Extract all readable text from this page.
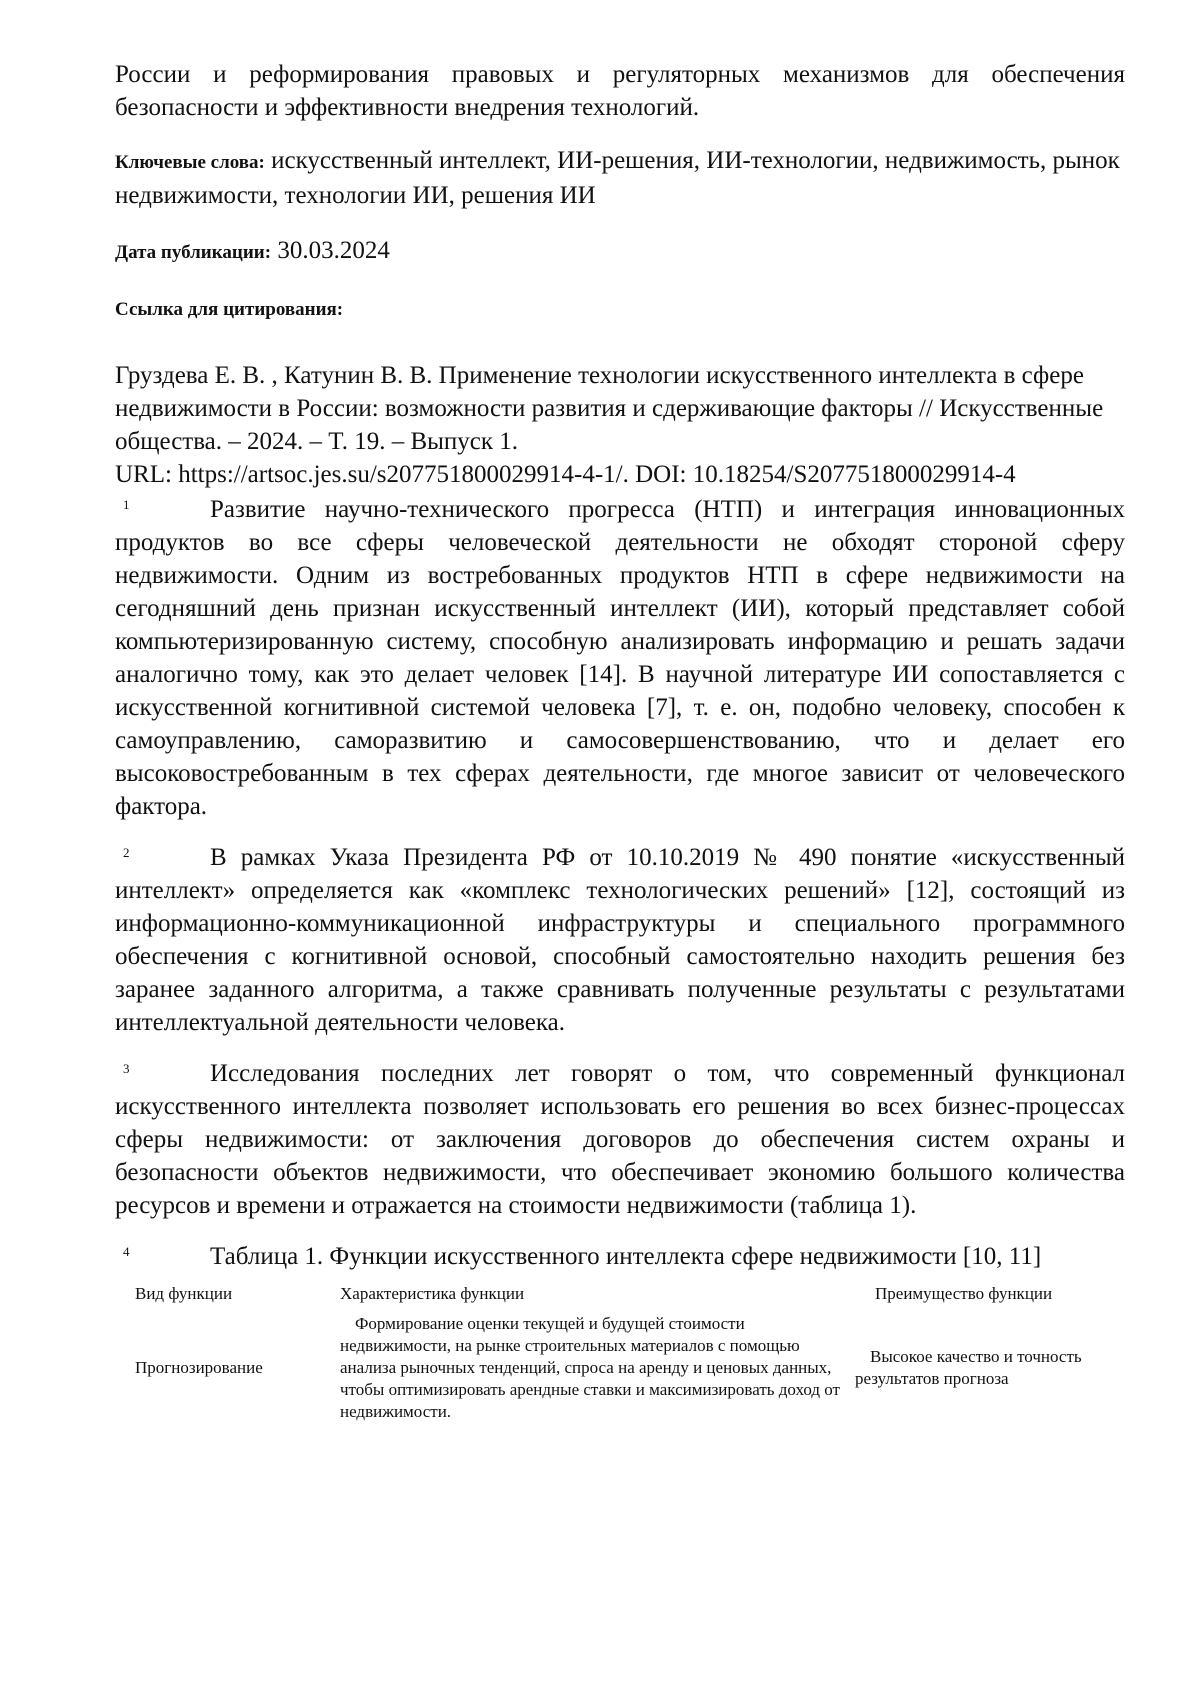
России и реформирования правовых и регуляторных механизмов для обеспечения безопасности и эффективности внедрения технологий.

Ключевые слова: искусственный интеллект, ИИ-решения, ИИ-технологии, недвижимость, рынок недвижимости, технологии ИИ, решения ИИ

Дата публикации: 30.03.2024

Ссылка для цитирования:

Груздева Е. В. , Катунин В. В. Применение технологии искусственного интеллекта в сфере недвижимости в России: возможности развития и сдерживающие факторы // Искусственные общества. – 2024. – T. 19. – Выпуск 1.
URL: https://artsoc.jes.su/s207751800029914-4-1/. DOI: 10.18254/S207751800029914-4
1	Развитие научно-технического прогресса (НТП) и интеграция инновационных продуктов во все сферы человеческой деятельности не обходят стороной сферу недвижимости. Одним из востребованных продуктов НТП в сфере недвижимости на сегодняшний день признан искусственный интеллект (ИИ), который представляет собой компьютеризированную систему, способную анализировать информацию и решать задачи аналогично тому, как это делает человек [14]. В научной литературе ИИ сопоставляется с искусственной когнитивной системой человека [7], т. е. он, подобно человеку, способен к самоуправлению, саморазвитию и самосовершенствованию, что и делает его высоковостребованным в тех сферах деятельности, где многое зависит от человеческого фактора.

2	В рамках Указа Президента РФ от 10.10.2019 № 490 понятие «искусственный интеллект» определяется как «комплекс технологических решений» [12], состоящий из информационно-коммуникационной инфраструктуры и специального программного обеспечения с когнитивной основой, способный самостоятельно находить решения без заранее заданного алгоритма, а также сравнивать полученные результаты с результатами интеллектуальной деятельности человека.

3	Исследования последних лет говорят о том, что современный функционал искусственного интеллекта позволяет использовать его решения во всех бизнес-процессах сферы недвижимости: от заключения договоров до обеспечения систем охраны и безопасности объектов недвижимости, что обеспечивает экономию большого количества ресурсов и времени и отражается на стоимости недвижимости (таблица 1).

4	Таблица 1. Функции искусственного интеллекта сфере недвижимости [10, 11]

Вид функции	Характеристика функции	Преимущество функции
Прогнозирование	Формирование оценки текущей и будущей стоимости недвижимости, на рынке строительных материалов с помощью анализа рыночных тенденций, спроса на аренду и ценовых данных, чтобы оптимизировать арендные ставки и максимизировать доход от недвижимости.	Высокое качество и точность результатов прогноза
